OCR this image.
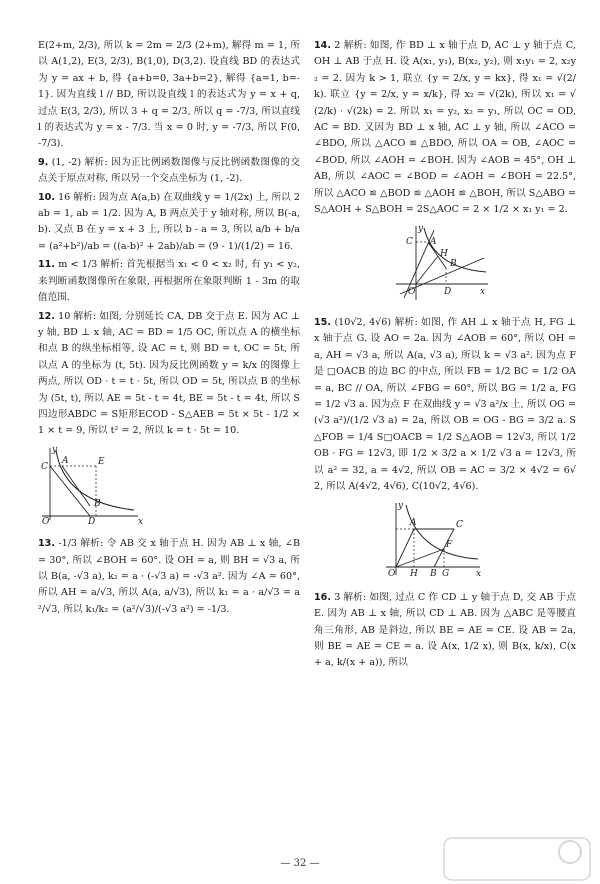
E(2+m, 2/3), 所以 k = 2m = 2/3 (2+m), 解得 m = 1, 所以 A(1,2), E(3, 2/3), B(1,0), D(3,2). 设直线 BD 的表达式为 y = ax + b, 得 {a+b=0, 3a+b=2}, 解得 {a=1, b=-1}. 因为直线 l // BD, 所以设直线 l 的表达式为 y = x + q, 过点 E(3, 2/3), 所以 3 + q = 2/3, 所以 q = -7/3, 所以直线 l 的表达式为 y = x - 7/3. 当 x = 0 时, y = -7/3, 所以 F(0, -7/3).

9. (1, -2) 解析: 因为正比例函数图像与反比例函数图像的交点关于原点对称, 所以另一个交点坐标为 (1, -2).

10. 16 解析: 因为点 A(a,b) 在双曲线 y = 1/(2x) 上, 所以 2ab = 1, ab = 1/2. 因为 A, B 两点关于 y 轴对称, 所以 B(-a, b). 又点 B 在 y = x + 3 上, 所以 b - a = 3, 所以 a/b + b/a = (a²+b²)/ab = ((a-b)² + 2ab)/ab = (9 - 1)/(1/2) = 16.

11. m < 1/3 解析: 首先根据当 x₁ < 0 < x₂ 时, 有 y₁ < y₂, 来判断函数图像所在象限, 再根据所在象限判断 1 - 3m 的取值范围.

12. 10 解析: 如图, 分别延长 CA, DB 交于点 E. 因为 AC ⊥ y 轴, BD ⊥ x 轴, AC = BD = 1/5 OC, 所以点 A 的横坐标和点 B 的纵坐标相等, 设 AC = t, 则 BD = t, OC = 5t, 所以点 A 的坐标为 (t, 5t). 因为反比例函数 y = k/x 的图像上两点, 所以 OD · t = t · 5t, 所以 OD = 5t, 所以点 B 的坐标为 (5t, t), 所以 AE = 5t - t = 4t, BE = 5t - t = 4t, 所以 S四边形ABDC = S矩形ECOD - S△AEB = 5t × 5t - 1/2 × 1 × t = 9, 所以 t² = 2, 所以 k = t · 5t = 10.

y
C
A	E
B
O	D	x

13. -1/3 解析: 令 AB 交 x 轴于点 H. 因为 AB ⊥ x 轴, ∠B = 30°, 所以 ∠BOH = 60°. 设 OH = a, 则 BH = √3 a, 所以 B(a, -√3 a), k₂ = a · (-√3 a) = -√3 a². 因为 ∠A = 60°, 所以 AH = a/√3, 所以 A(a, a/√3), 所以 k₁ = a · a/√3 = a²/√3, 所以 k₁/k₂ = (a²/√3)/(-√3 a²) = -1/3.

14. 2 解析: 如图, 作 BD ⊥ x 轴于点 D, AC ⊥ y 轴于点 C, OH ⊥ AB 于点 H. 设 A(x₁, y₁), B(x₂, y₂), 则 x₁y₁ = 2, x₂y₂ = 2. 因为 k > 1, 联立 {y = 2/x, y = kx}, 得 x₁ = √(2/k). 联立 {y = 2/x, y = x/k}, 得 x₂ = √(2k), 所以 x₁ = √(2/k) · √(2k) = 2. 所以 x₁ = y₂, x₂ = y₁, 所以 OC = OD, AC = BD. 又因为 BD ⊥ x 轴, AC ⊥ y 轴, 所以 ∠ACO = ∠BDO, 所以 △ACO ≌ △BDO, 所以 OA = OB, ∠AOC = ∠BOD, 所以 ∠AOH = ∠BOH. 因为 ∠AOB = 45°, OH ⊥ AB, 所以 ∠AOC = ∠BOD = ∠AOH = ∠BOH = 22.5°, 所以 △ACO ≌ △BOD ≌ △AOH ≌ △BOH, 所以 S△ABO = S△AOH + S△BOH = 2S△AOC = 2 × 1/2 × x₁ y₁ = 2.

y
C A
H
B
O	D	x

15. (10√2, 4√6) 解析: 如图, 作 AH ⊥ x 轴于点 H, FG ⊥ x 轴于点 G. 设 AO = 2a. 因为 ∠AOB = 60°, 所以 OH = a, AH = √3 a, 所以 A(a, √3 a), 所以 k = √3 a². 因为点 F 是 □OACB 的边 BC 的中点, 所以 FB = 1/2 BC = 1/2 OA = a, BC // OA, 所以 ∠FBG = 60°, 所以 BG = 1/2 a, FG = 1/2 √3 a. 因为点 F 在双曲线 y = √3 a²/x 上, 所以 OG = (√3 a²)/(1/2 √3 a) = 2a, 所以 OB = OG - BG = 3/2 a. S△FOB = 1/4 S□OACB = 1/2 S△AOB = 12√3, 所以 1/2 OB · FG = 12√3, 即 1/2 × 3/2 a × 1/2 √3 a = 12√3, 所以 a² = 32, a = 4√2, 所以 OB = AC = 3/2 × 4√2 = 6√2, 所以 A(4√2, 4√6), C(10√2, 4√6).

y
A	C
F
O H B G	x

16. 3 解析: 如图, 过点 C 作 CD ⊥ y 轴于点 D, 交 AB 于点 E. 因为 AB ⊥ x 轴, 所以 CD ⊥ AB. 因为 △ABC 是等腰直角三角形, AB 是斜边, 所以 BE = AE = CE. 设 AB = 2a, 则 BE = AE = CE = a. 设 A(x, 1/2 x), 则 B(x, k/x), C(x + a, k/(x + a)), 所以

— 32 —
